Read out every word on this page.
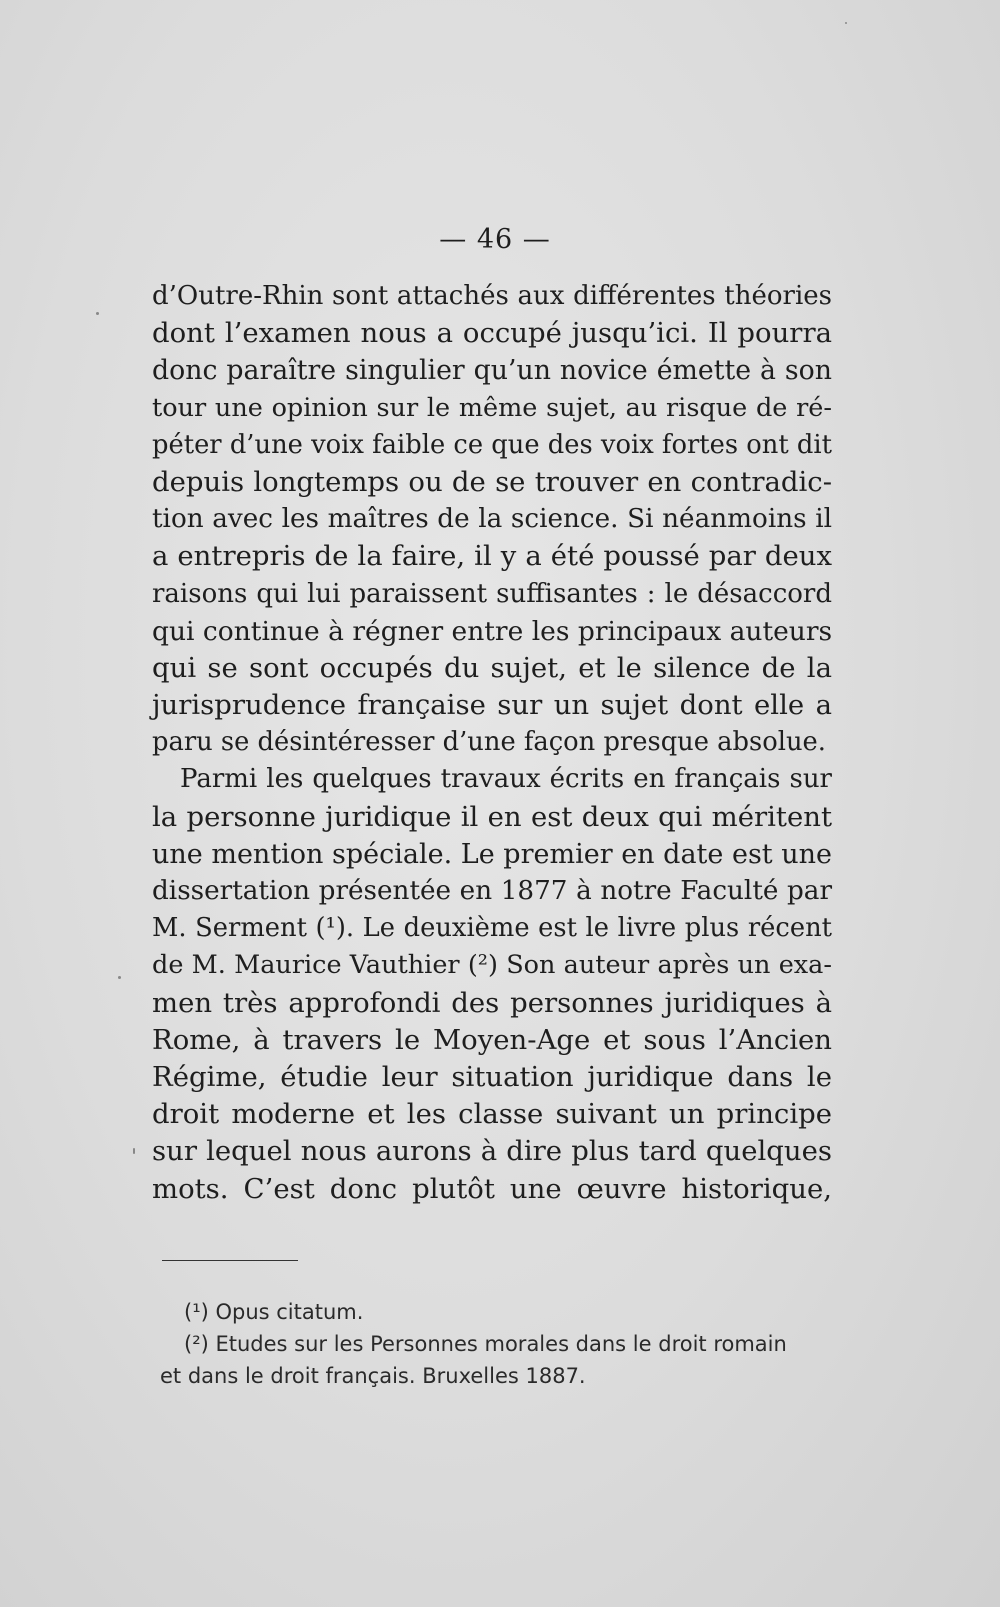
— 46 —
d’Outre-Rhin sont attachés aux différentes théories
dont l’examen nous a occupé jusqu’ici. Il pourra
donc paraître singulier qu’un novice émette à son
tour une opinion sur le même sujet, au risque de ré-
péter d’une voix faible ce que des voix fortes ont dit
depuis longtemps ou de se trouver en contradic-
tion avec les maîtres de la science. Si néanmoins il
a entrepris de la faire, il y a été poussé par deux
raisons qui lui paraissent suffisantes : le désaccord
qui continue à régner entre les principaux auteurs
qui se sont occupés du sujet, et le silence de la
jurisprudence française sur un sujet dont elle a
paru se désintéresser d’une façon presque absolue.
Parmi les quelques travaux écrits en français sur
la personne juridique il en est deux qui méritent
une mention spéciale. Le premier en date est une
dissertation présentée en 1877 à notre Faculté par
M. Serment (¹). Le deuxième est le livre plus récent
de M. Maurice Vauthier (²) Son auteur après un exa-
men très approfondi des personnes juridiques à
Rome, à travers le Moyen-Age et sous l’Ancien
Régime, étudie leur situation juridique dans le
droit moderne et les classe suivant un principe
sur lequel nous aurons à dire plus tard quelques
mots. C’est donc plutôt une œuvre historique,
(¹) Opus citatum.
(²) Etudes sur les Personnes morales dans le droit romain
et dans le droit français. Bruxelles 1887.
